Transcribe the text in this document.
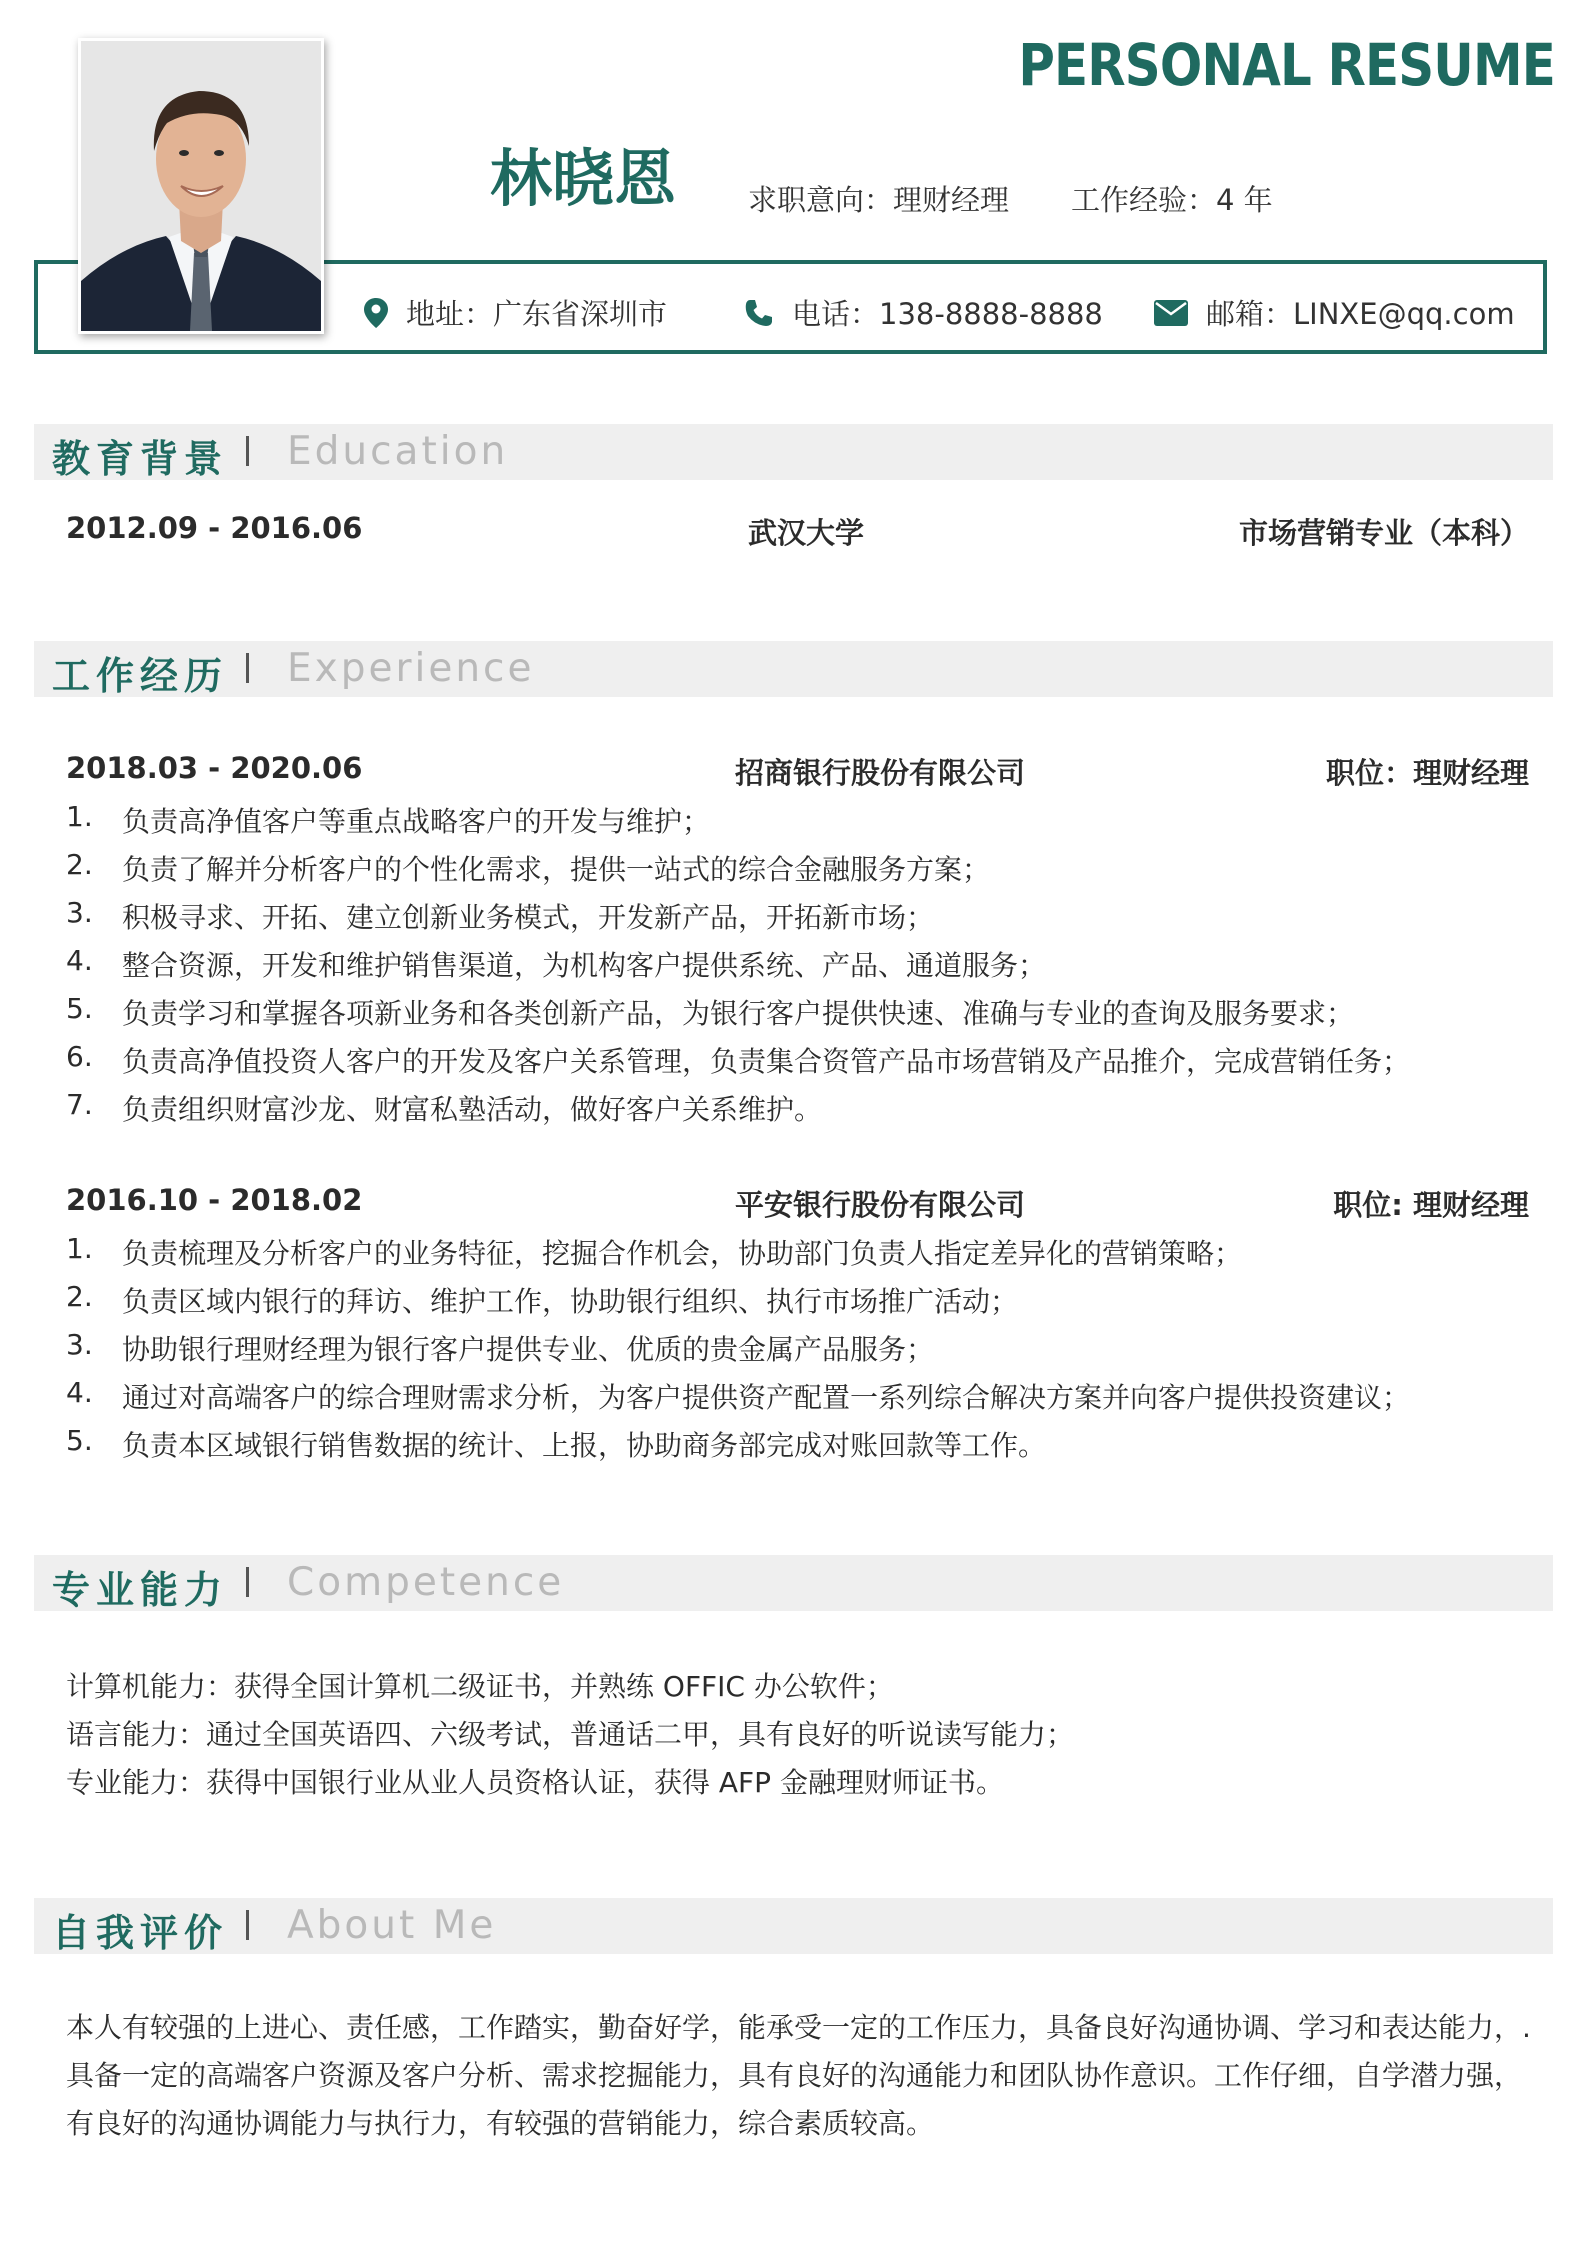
PERSONAL RESUME
林晓恩 求职意向：理财经理 工作经验：4 年
地址：广东省深圳市	电话：138-8888-8888	邮箱：LINXE@qq.com
教育背景 Education
2012.09 - 2016.06	武汉大学	市场营销专业（本科）
工作经历 Experience
2018.03 - 2020.06	招商银行股份有限公司	职位：理财经理
1.	负责高净值客户等重点战略客户的开发与维护；
2.	负责了解并分析客户的个性化需求，提供一站式的综合金融服务方案；
3.	积极寻求、开拓、建立创新业务模式，开发新产品，开拓新市场；
4.	整合资源，开发和维护销售渠道，为机构客户提供系统、产品、通道服务；
5.	负责学习和掌握各项新业务和各类创新产品，为银行客户提供快速、准确与专业的查询及服务要求；
6.	负责高净值投资人客户的开发及客户关系管理，负责集合资管产品市场营销及产品推介，完成营销任务；
7.	负责组织财富沙龙、财富私塾活动，做好客户关系维护。
2016.10 - 2018.02	平安银行股份有限公司	职位: 理财经理
1.	负责梳理及分析客户的业务特征，挖掘合作机会，协助部门负责人指定差异化的营销策略；
2.	负责区域内银行的拜访、维护工作，协助银行组织、执行市场推广活动；
3.	协助银行理财经理为银行客户提供专业、优质的贵金属产品服务；
4.	通过对高端客户的综合理财需求分析，为客户提供资产配置一系列综合解决方案并向客户提供投资建议；
5.	负责本区域银行销售数据的统计、上报，协助商务部完成对账回款等工作。
专业能力 Competence
计算机能力：获得全国计算机二级证书，并熟练 OFFIC 办公软件；
语言能力：通过全国英语四、六级考试，普通话二甲，具有良好的听说读写能力；
专业能力：获得中国银行业从业人员资格认证，获得 AFP 金融理财师证书。
自我评价 About Me
本人有较强的上进心、责任感，工作踏实，勤奋好学，能承受一定的工作压力，具备良好沟通协调、学习和表达能力，.
具备一定的高端客户资源及客户分析、需求挖掘能力，具有良好的沟通能力和团队协作意识。工作仔细，自学潜力强，
有良好的沟通协调能力与执行力，有较强的营销能力，综合素质较高。
